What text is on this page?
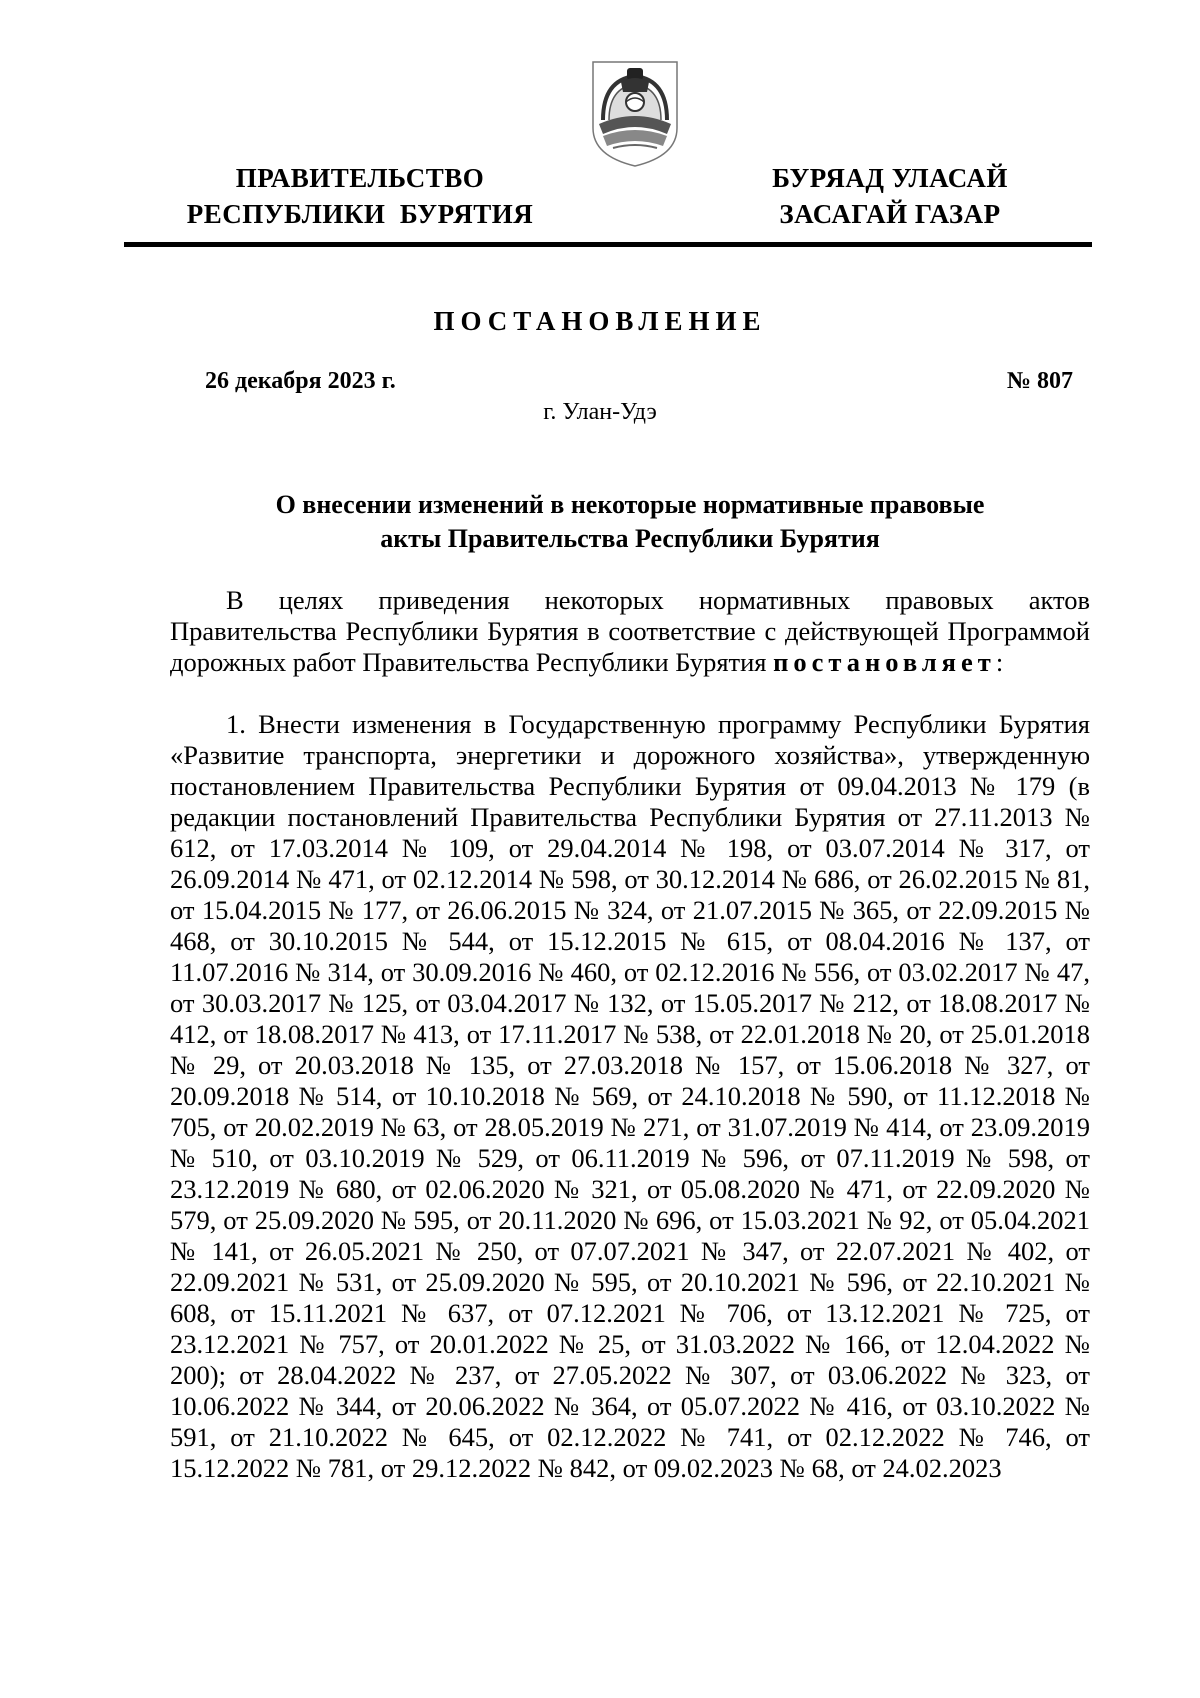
ПРАВИТЕЛЬСТВО
РЕСПУБЛИКИ  БУРЯТИЯ
БУРЯАД УЛАСАЙ
ЗАСАГАЙ ГАЗАР
ПОСТАНОВЛЕНИЕ
26 декабря 2023 г.	№ 807
г. Улан-Удэ
О внесении изменений в некоторые нормативные правовые
акты Правительства Республики Бурятия

В целях приведения некоторых нормативных правовых актов Правительства Республики Бурятия в соответствие с действующей Программой дорожных работ Правительства Республики Бурятия постановляет:

1. Внести изменения в Государственную программу Республики Бурятия «Развитие транспорта, энергетики и дорожного хозяйства», утвержденную постановлением Правительства Республики Бурятия от 09.04.2013 № 179 (в редакции постановлений Правительства Республики Бурятия от 27.11.2013 № 612, от 17.03.2014 № 109, от 29.04.2014 № 198, от 03.07.2014 № 317, от 26.09.2014 № 471, от 02.12.2014 № 598, от 30.12.2014 № 686, от 26.02.2015 № 81, от 15.04.2015 № 177, от 26.06.2015 № 324, от 21.07.2015 № 365, от 22.09.2015 № 468, от 30.10.2015 № 544, от 15.12.2015 № 615, от 08.04.2016 № 137, от 11.07.2016 № 314, от 30.09.2016 № 460, от 02.12.2016 № 556, от 03.02.2017 № 47, от 30.03.2017 № 125, от 03.04.2017 № 132, от 15.05.2017 № 212, от 18.08.2017 № 412, от 18.08.2017 № 413, от 17.11.2017 № 538, от 22.01.2018 № 20, от 25.01.2018 № 29, от 20.03.2018 № 135, от 27.03.2018 № 157, от 15.06.2018 № 327, от 20.09.2018 № 514, от 10.10.2018 № 569, от 24.10.2018 № 590, от 11.12.2018 № 705, от 20.02.2019 № 63, от 28.05.2019 № 271, от 31.07.2019 № 414, от 23.09.2019 № 510, от 03.10.2019 № 529, от 06.11.2019 № 596, от 07.11.2019 № 598, от 23.12.2019 № 680, от 02.06.2020 № 321, от 05.08.2020 № 471, от 22.09.2020 № 579, от 25.09.2020 № 595, от 20.11.2020 № 696, от 15.03.2021 № 92, от 05.04.2021 № 141, от 26.05.2021 № 250, от 07.07.2021 № 347, от 22.07.2021 № 402, от 22.09.2021 № 531, от 25.09.2020 № 595, от 20.10.2021 № 596, от 22.10.2021 № 608, от 15.11.2021 № 637, от 07.12.2021 № 706, от 13.12.2021 № 725, от 23.12.2021 № 757, от 20.01.2022 № 25, от 31.03.2022 № 166, от 12.04.2022 № 200); от 28.04.2022 № 237, от 27.05.2022 № 307, от 03.06.2022 № 323, от 10.06.2022 № 344, от 20.06.2022 № 364, от 05.07.2022 № 416, от 03.10.2022 № 591, от 21.10.2022 № 645, от 02.12.2022 № 741, от 02.12.2022 № 746, от 15.12.2022 № 781, от 29.12.2022 № 842, от 09.02.2023 № 68, от 24.02.2023
